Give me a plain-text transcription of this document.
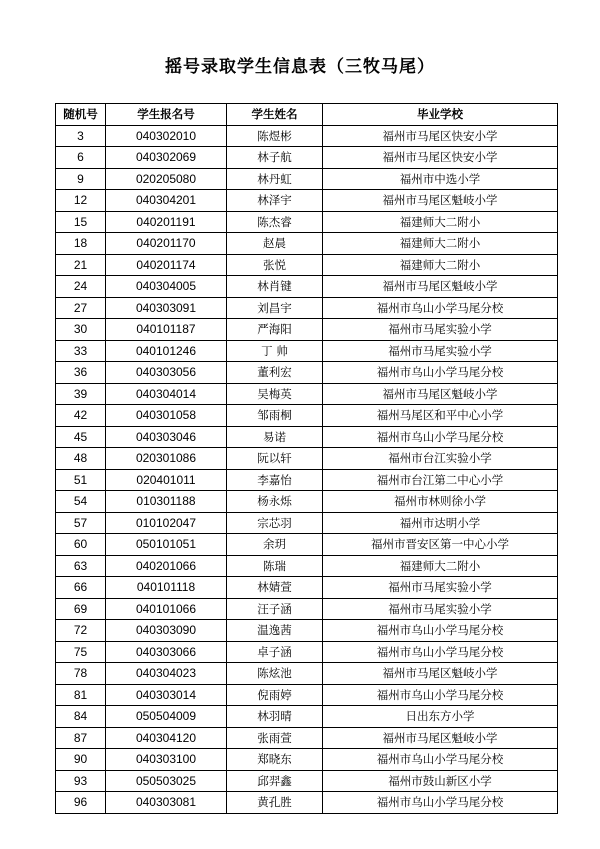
摇号录取学生信息表（三牧马尾）
随机号	学生报名号	学生姓名	毕业学校
3	040302010	陈煜彬	福州市马尾区快安小学
6	040302069	林子航	福州市马尾区快安小学
9	020205080	林丹虹	福州市中选小学
12	040304201	林泽宇	福州市马尾区魁岐小学
15	040201191	陈杰睿	福建师大二附小
18	040201170	赵晨	福建师大二附小
21	040201174	张悦	福建师大二附小
24	040304005	林肖键	福州市马尾区魁岐小学
27	040303091	刘昌宇	福州市乌山小学马尾分校
30	040101187	严海阳	福州市马尾实验小学
33	040101246	丁 帅	福州市马尾实验小学
36	040303056	董利宏	福州市乌山小学马尾分校
39	040304014	吴梅英	福州市马尾区魁岐小学
42	040301058	邹雨桐	福州马尾区和平中心小学
45	040303046	易诺	福州市乌山小学马尾分校
48	020301086	阮以轩	福州市台江实验小学
51	020401011	李嘉怡	福州市台江第二中心小学
54	010301188	杨永烁	福州市林则徐小学
57	010102047	宗芯羽	福州市达明小学
60	050101051	余玥	福州市晋安区第一中心小学
63	040201066	陈瑞	福建师大二附小
66	040101118	林婧萱	福州市马尾实验小学
69	040101066	汪子涵	福州市马尾实验小学
72	040303090	温逸茜	福州市乌山小学马尾分校
75	040303066	卓子涵	福州市乌山小学马尾分校
78	040304023	陈炫池	福州市马尾区魁岐小学
81	040303014	倪雨婷	福州市乌山小学马尾分校
84	050504009	林羽晴	日出东方小学
87	040304120	张雨萱	福州市马尾区魁岐小学
90	040303100	郑晓东	福州市乌山小学马尾分校
93	050503025	邱羿鑫	福州市鼓山新区小学
96	040303081	黄孔胜	福州市乌山小学马尾分校
